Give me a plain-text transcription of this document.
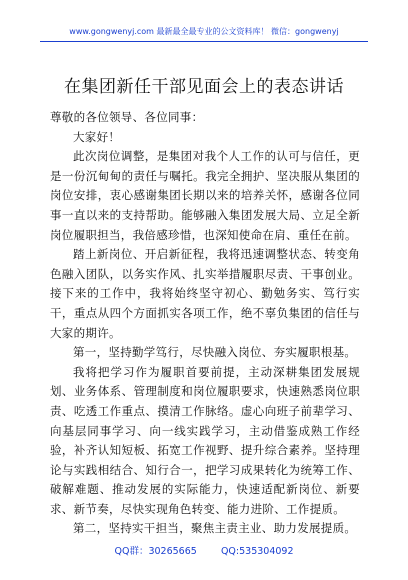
www.gongwenyj.com 最新最全最专业的公文资料库！ 微信：gongwenyj
在集团新任干部见面会上的表态讲话

尊敬的各位领导、各位同事：

大家好！

此次岗位调整，是集团对我个人工作的认可与信任，更是一份沉甸甸的责任与嘱托。我完全拥护、坚决服从集团的岗位安排，衷心感谢集团长期以来的培养关怀，感谢各位同事一直以来的支持帮助。能够融入集团发展大局、立足全新岗位履职担当，我倍感珍惜，也深知使命在肩、重任在前。

踏上新岗位、开启新征程，我将迅速调整状态、转变角色融入团队，以务实作风、扎实举措履职尽责、干事创业。接下来的工作中，我将始终坚守初心、勤勉务实、笃行实干，重点从四个方面抓实各项工作，绝不辜负集团的信任与大家的期许。

第一，坚持勤学笃行，尽快融入岗位、夯实履职根基。

我将把学习作为履职首要前提，主动深耕集团发展规划、业务体系、管理制度和岗位履职要求，快速熟悉岗位职责、吃透工作重点、摸清工作脉络。虚心向班子前辈学习、向基层同事学习、向一线实践学习，主动借鉴成熟工作经验，补齐认知短板、拓宽工作视野、提升综合素养。坚持理论与实践相结合、知行合一，把学习成果转化为统筹工作、破解难题、推动发展的实际能力，快速适配新岗位、新要求、新节奏，尽快实现角色转变、能力进阶、工作提质。

第二，坚持实干担当，聚焦主责主业、助力发展提质。

QQ群：30265665        QQ:535304092
